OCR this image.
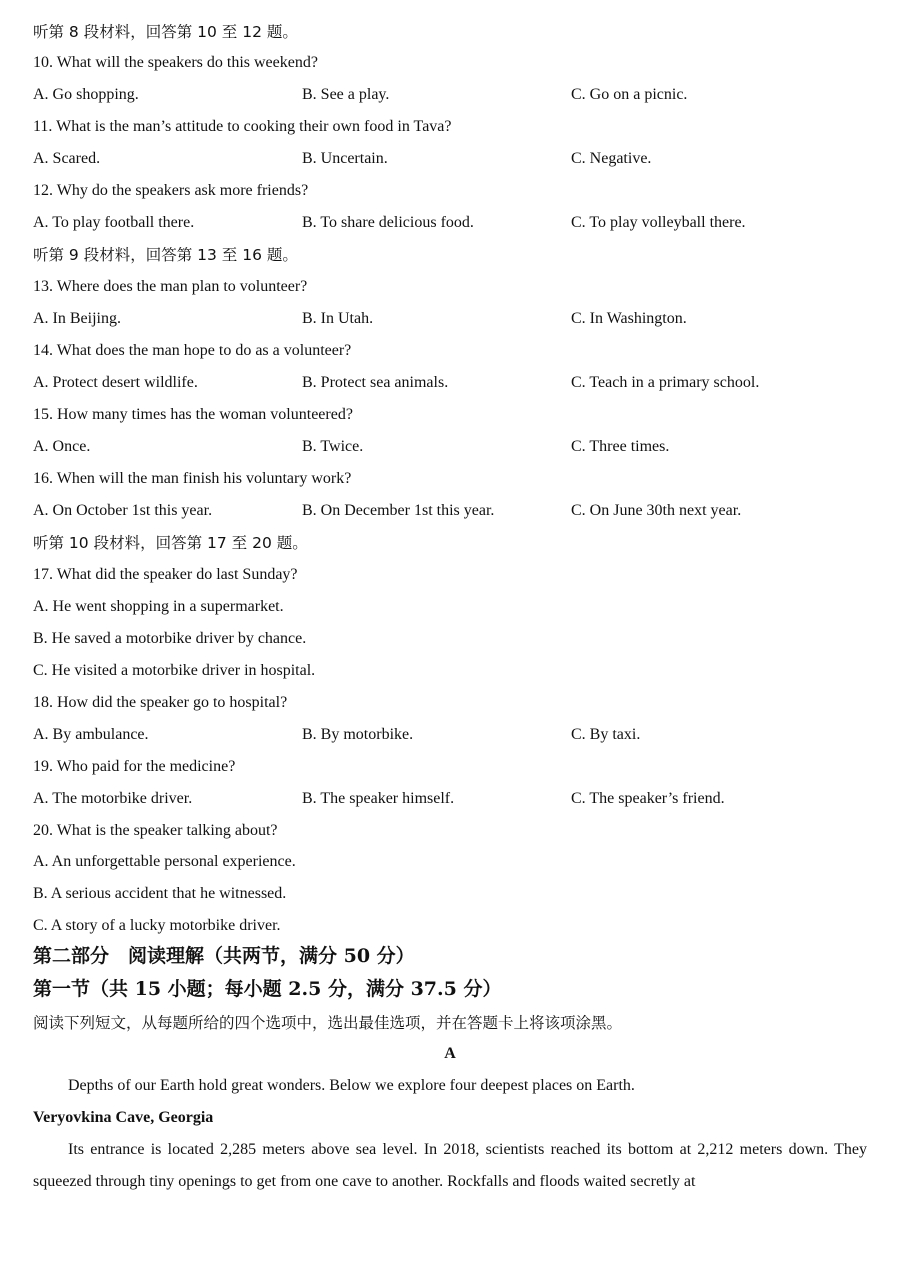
听第 8 段材料，回答第 10 至 12 题。
10. What will the speakers do this weekend?
A. Go shopping.	B. See a play.	C. Go on a picnic.
11. What is the man’s attitude to cooking their own food in Tava?
A. Scared.	B. Uncertain.	C. Negative.
12. Why do the speakers ask more friends?
A. To play football there.	B. To share delicious food.	C. To play volleyball there.
听第 9 段材料，回答第 13 至 16 题。
13. Where does the man plan to volunteer?
A. In Beijing.	B. In Utah.	C. In Washington.
14. What does the man hope to do as a volunteer?
A. Protect desert wildlife.	B. Protect sea animals.	C. Teach in a primary school.
15. How many times has the woman volunteered?
A. Once.	B. Twice.	C. Three times.
16. When will the man finish his voluntary work?
A. On October 1st this year.	B. On December 1st this year.	C. On June 30th next year.
听第 10 段材料，回答第 17 至 20 题。
17. What did the speaker do last Sunday?
A. He went shopping in a supermarket.
B. He saved a motorbike driver by chance.
C. He visited a motorbike driver in hospital.
18. How did the speaker go to hospital?
A. By ambulance.	B. By motorbike.	C. By taxi.
19. Who paid for the medicine?
A. The motorbike driver.	B. The speaker himself.	C. The speaker’s friend.
20. What is the speaker talking about?
A. An unforgettable personal experience.
B. A serious accident that he witnessed.
C. A story of a lucky motorbike driver.
第二部分　阅读理解（共两节，满分 50 分）
第一节（共 15 小题；每小题 2.5 分，满分 37.5 分）
阅读下列短文，从每题所给的四个选项中，选出最佳选项，并在答题卡上将该项涂黑。
A
Depths of our Earth hold great wonders. Below we explore four deepest places on Earth.
Veryovkina Cave, Georgia
Its entrance is located 2,285 meters above sea level. In 2018, scientists reached its bottom at 2,212 meters down. They squeezed through tiny openings to get from one cave to another. Rockfalls and floods waited secretly at
